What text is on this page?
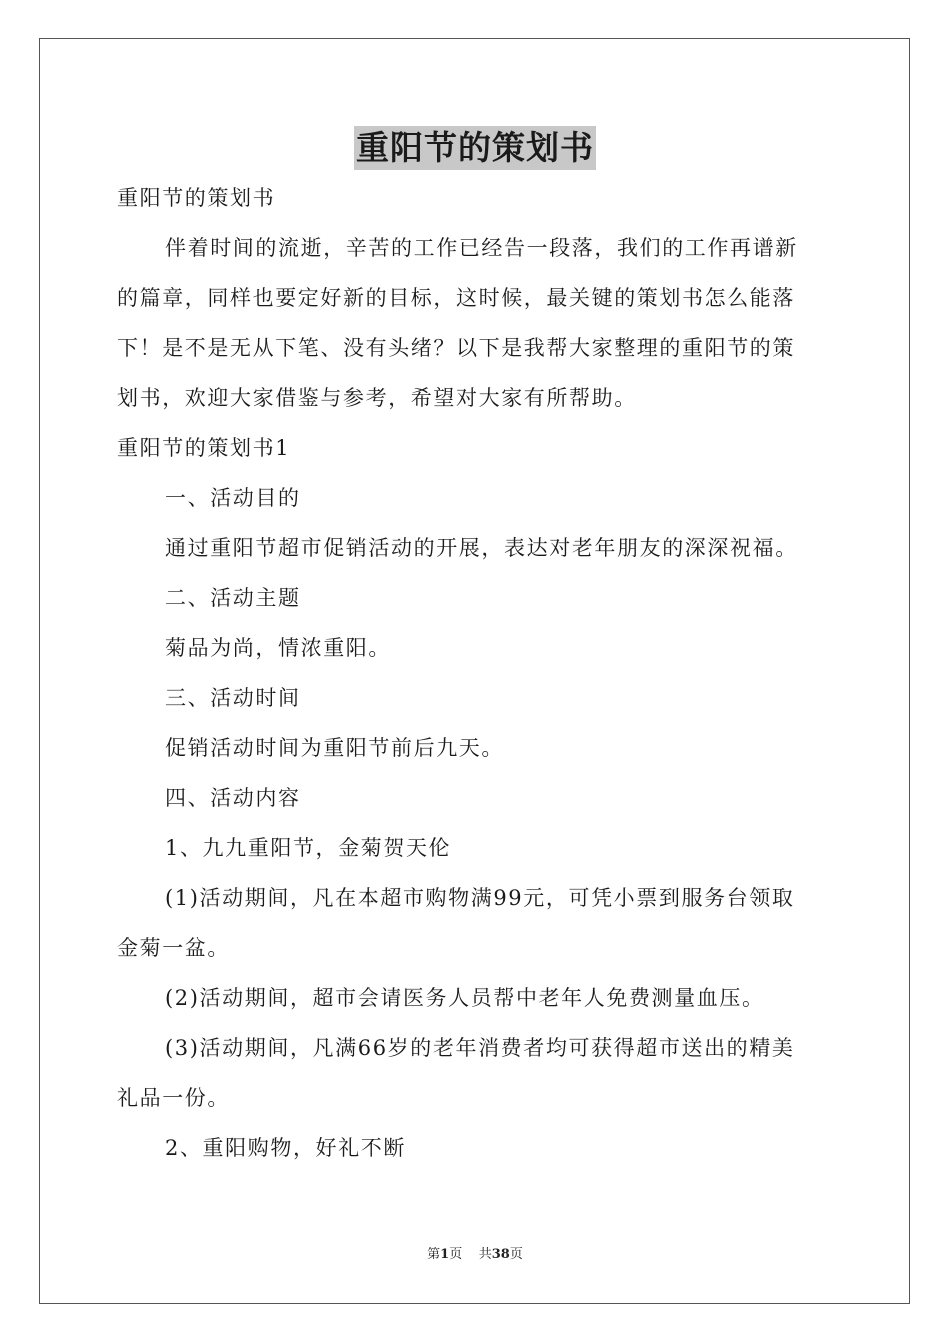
重阳节的策划书
重阳节的策划书
伴着时间的流逝，辛苦的工作已经告一段落，我们的工作再谱新
的篇章，同样也要定好新的目标，这时候，最关键的策划书怎么能落
下！是不是无从下笔、没有头绪？以下是我帮大家整理的重阳节的策
划书，欢迎大家借鉴与参考，希望对大家有所帮助。
重阳节的策划书1
一、活动目的
通过重阳节超市促销活动的开展，表达对老年朋友的深深祝福。
二、活动主题
菊品为尚，情浓重阳。
三、活动时间
促销活动时间为重阳节前后九天。
四、活动内容
1、九九重阳节，金菊贺天伦
(1)活动期间，凡在本超市购物满99元，可凭小票到服务台领取
金菊一盆。
(2)活动期间，超市会请医务人员帮中老年人免费测量血压。
(3)活动期间，凡满66岁的老年消费者均可获得超市送出的精美
礼品一份。
2、重阳购物，好礼不断
第1页 共38页
